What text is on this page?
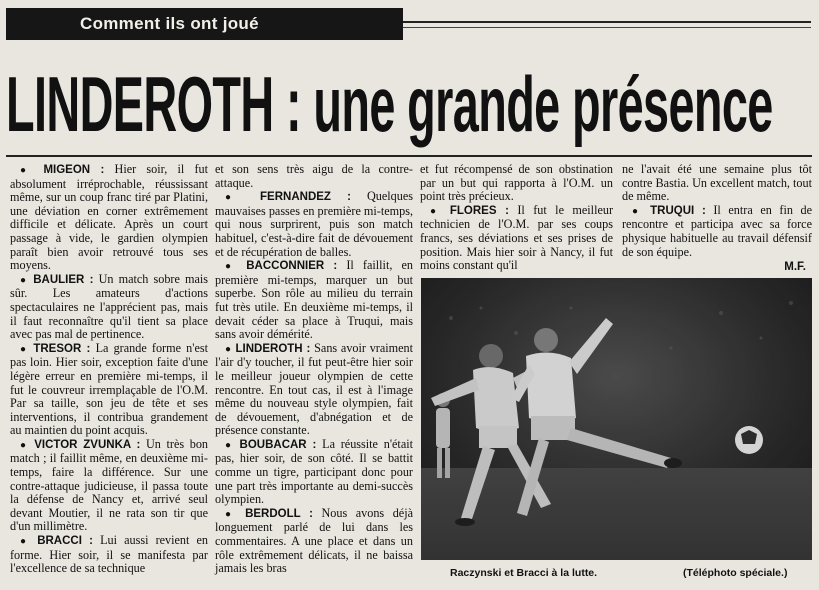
Comment ils ont joué
LINDEROTH : une grande présence

● MIGEON : Hier soir, il fut absolument irréprochable, réussissant même, sur un coup franc tiré par Platini, une déviation en corner extrêmement difficile et délicate. Après un court passage à vide, le gardien olympien paraît bien avoir retrouvé tous ses moyens.

● BAULIER : Un match sobre mais sûr. Les amateurs d'actions spectaculaires ne l'apprécient pas, mais il faut reconnaître qu'il tient sa place avec pas mal de pertinence.

● TRESOR : La grande forme n'est pas loin. Hier soir, exception faite d'une légère erreur en première mi-temps, il fut le couvreur irremplaçable de l'O.M. Par sa taille, son jeu de tête et ses interventions, il contribua grandement au maintien du point acquis.

● VICTOR ZVUNKA : Un très bon match ; il faillit même, en deuxième mi-temps, faire la différence. Sur une contre-attaque judicieuse, il passa toute la défense de Nancy et, arrivé seul devant Moutier, il ne rata son tir que d'un millimètre.

● BRACCI : Lui aussi revient en forme. Hier soir, il se manifesta par l'excellence de sa technique

et son sens très aigu de la contre-attaque.

● FERNANDEZ : Quelques mauvaises passes en première mi-temps, qui nous surprirent, puis son match habituel, c'est-à-dire fait de dévouement et de récupération de balles.

● BACCONNIER : Il faillit, en première mi-temps, marquer un but superbe. Son rôle au milieu du terrain fut très utile. En deuxième mi-temps, il devait céder sa place à Truqui, mais sans avoir démérité.

● LINDEROTH : Sans avoir vraiment l'air d'y toucher, il fut peut-être hier soir le meilleur joueur olympien de cette rencontre. En tout cas, il est à l'image même du nouveau style olympien, fait de dévouement, d'abnégation et de présence constante.

● BOUBACAR : La réussite n'était pas, hier soir, de son côté. Il se battit comme un tigre, participant donc pour une part très importante au demi-succès olympien.

● BERDOLL : Nous avons déjà longuement parlé de lui dans les commentaires. A une place et dans un rôle extrêmement délicats, il ne baissa jamais les bras

et fut récompensé de son obstination par un but qui rapporta à l'O.M. un point très précieux.

● FLORES : Il fut le meilleur technicien de l'O.M. par ses coups francs, ses déviations et ses prises de position. Mais hier soir à Nancy, il fut moins constant qu'il

ne l'avait été une semaine plus tôt contre Bastia. Un excellent match, tout de même.

● TRUQUI : Il entra en fin de rencontre et participa avec sa force physique habituelle au travail défensif de son équipe.

M.F.
Raczynski et Bracci à la lutte.	(Téléphoto spéciale.)
